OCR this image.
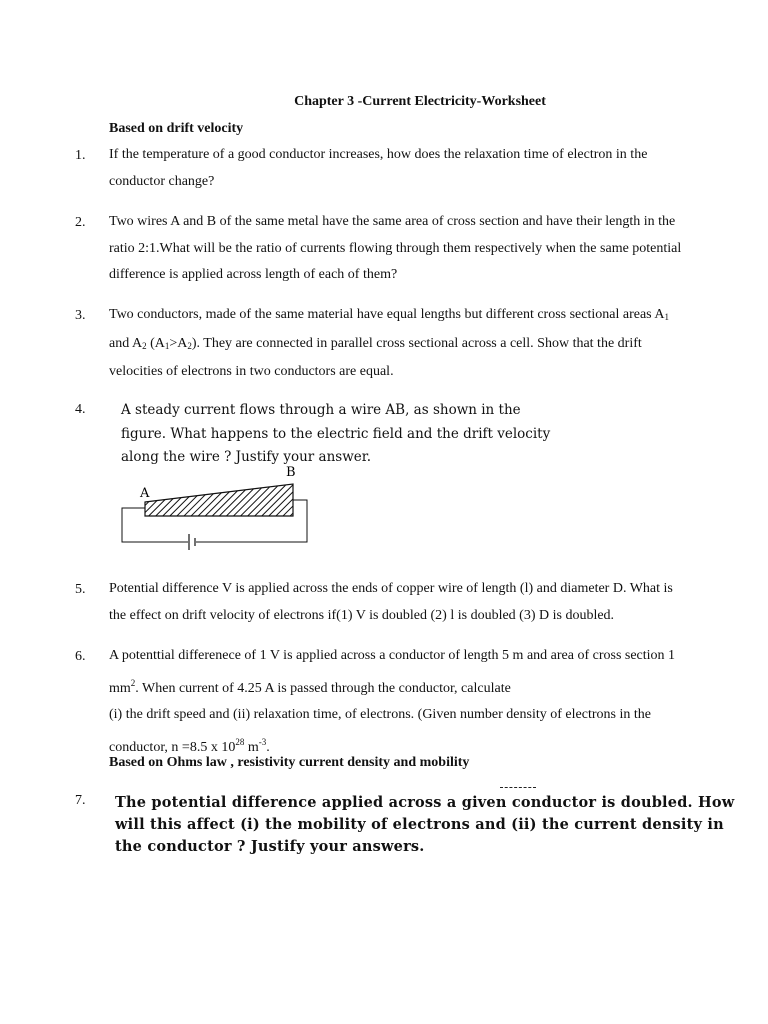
Chapter 3 -Current Electricity-Worksheet
Based on drift velocity
1. If the temperature of a good conductor increases, how does the relaxation time of electron in the
conductor change?
2. Two wires A and B of the same metal have the same area of cross section and have their length in the
ratio 2:1.What will be the ratio of currents flowing through them respectively when the same potential
difference is applied across length of each of them?
3. Two conductors, made of the same material have equal lengths but different cross sectional areas $A_1$
and $A_2$ $(A_1>A_2)$. They are connected in parallel cross sectional across a cell. Show that the drift
velocities of electrons in two conductors are equal.
4.	A steady current flows through a wire AB, as shown in the
figure. What happens to the electric field and the drift velocity
along the wire ? Justify your answer.
A
B
5. Potential difference V is applied across the ends of copper wire of length (l) and diameter D. What is
the effect on drift velocity of electrons if(1) V is doubled (2) l is doubled (3) D is doubled.
6. A potenttial differenece of 1 V is applied across a conductor of length 5 m and area of cross section 1
$mm^2$. When current of 4.25 A is passed through the conductor, calculate
(i) the drift speed and (ii) relaxation time, of electrons. (Given number density of electrons in the
conductor, n =8.5 x $10^{28}$ $m^{-3}$.
Based on Ohms law , resistivity current density and mobility
7. The potential difference applied across a given conductor is doubled. How
will this affect (i) the mobility of electrons and (ii) the current density in
the conductor ? Justify your answers.
